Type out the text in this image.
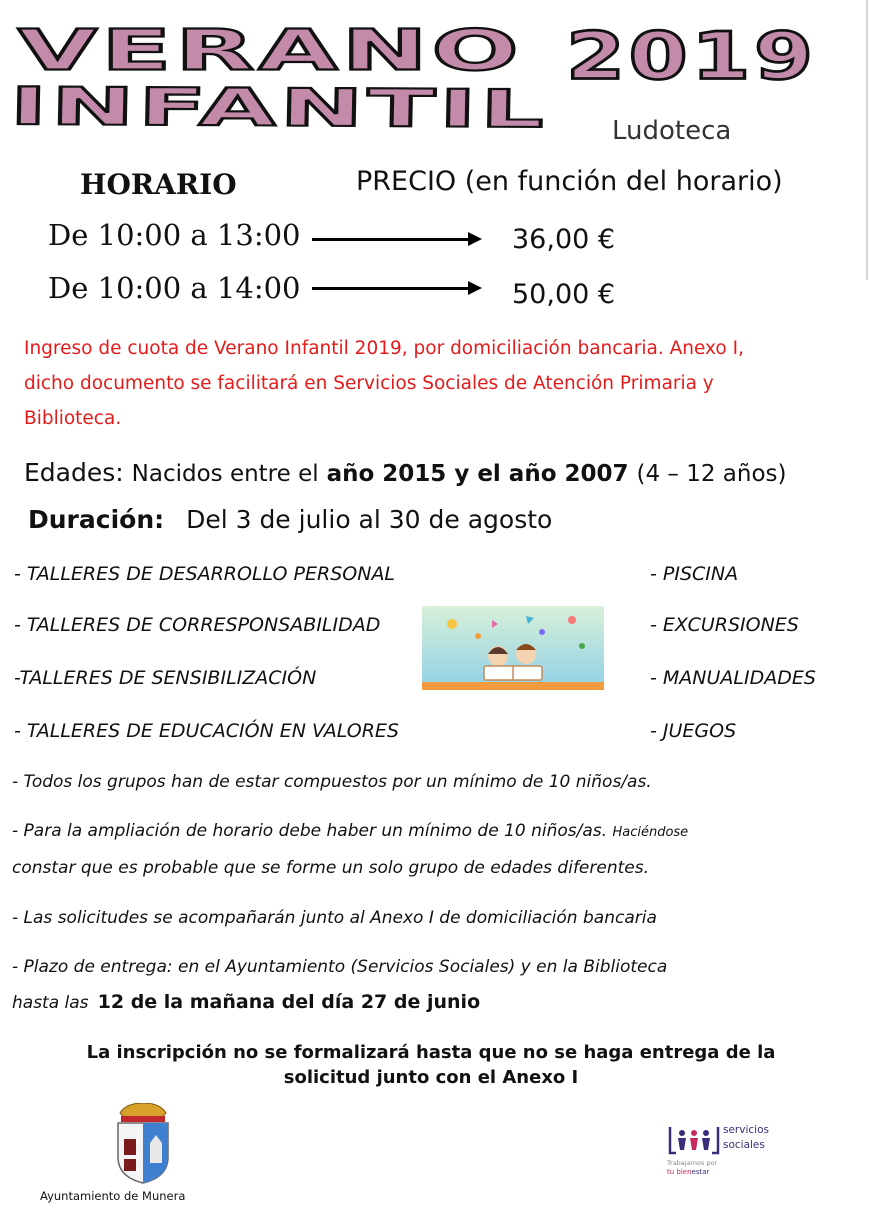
VERANO
INFANTIL
2019
Ludoteca
HORARIO	PRECIO (en función del horario)
De 10:00 a 13:00	36,00 €
De 10:00 a 14:00	50,00 €
Ingreso de cuota de Verano Infantil 2019, por domiciliación bancaria. Anexo I,
dicho documento se facilitará en Servicios Sociales de Atención Primaria y
Biblioteca.
Edades: Nacidos entre el año 2015 y el año 2007 (4 – 12 años)
Duración: Del 3 de julio al 30 de agosto
- TALLERES DE DESARROLLO PERSONAL
- TALLERES DE CORRESPONSABILIDAD
-TALLERES DE SENSIBILIZACIÓN
- TALLERES DE EDUCACIÓN EN VALORES
- PISCINA
- EXCURSIONES
- MANUALIDADES
- JUEGOS
- Todos los grupos han de estar compuestos por un mínimo de 10 niños/as.
- Para la ampliación de horario debe haber un mínimo de 10 niños/as. Haciéndose
constar que es probable que se forme un solo grupo de edades diferentes.
- Las solicitudes se acompañarán junto al Anexo I de domiciliación bancaria
- Plazo de entrega: en el Ayuntamiento (Servicios Sociales) y en la Biblioteca
hasta las 12 de la mañana del día 27 de junio
La inscripción no se formalizará hasta que no se haga entrega de la
solicitud junto con el Anexo I
Ayuntamiento de Munera
servicios
sociales
Trabajamos por
tu bienestar
